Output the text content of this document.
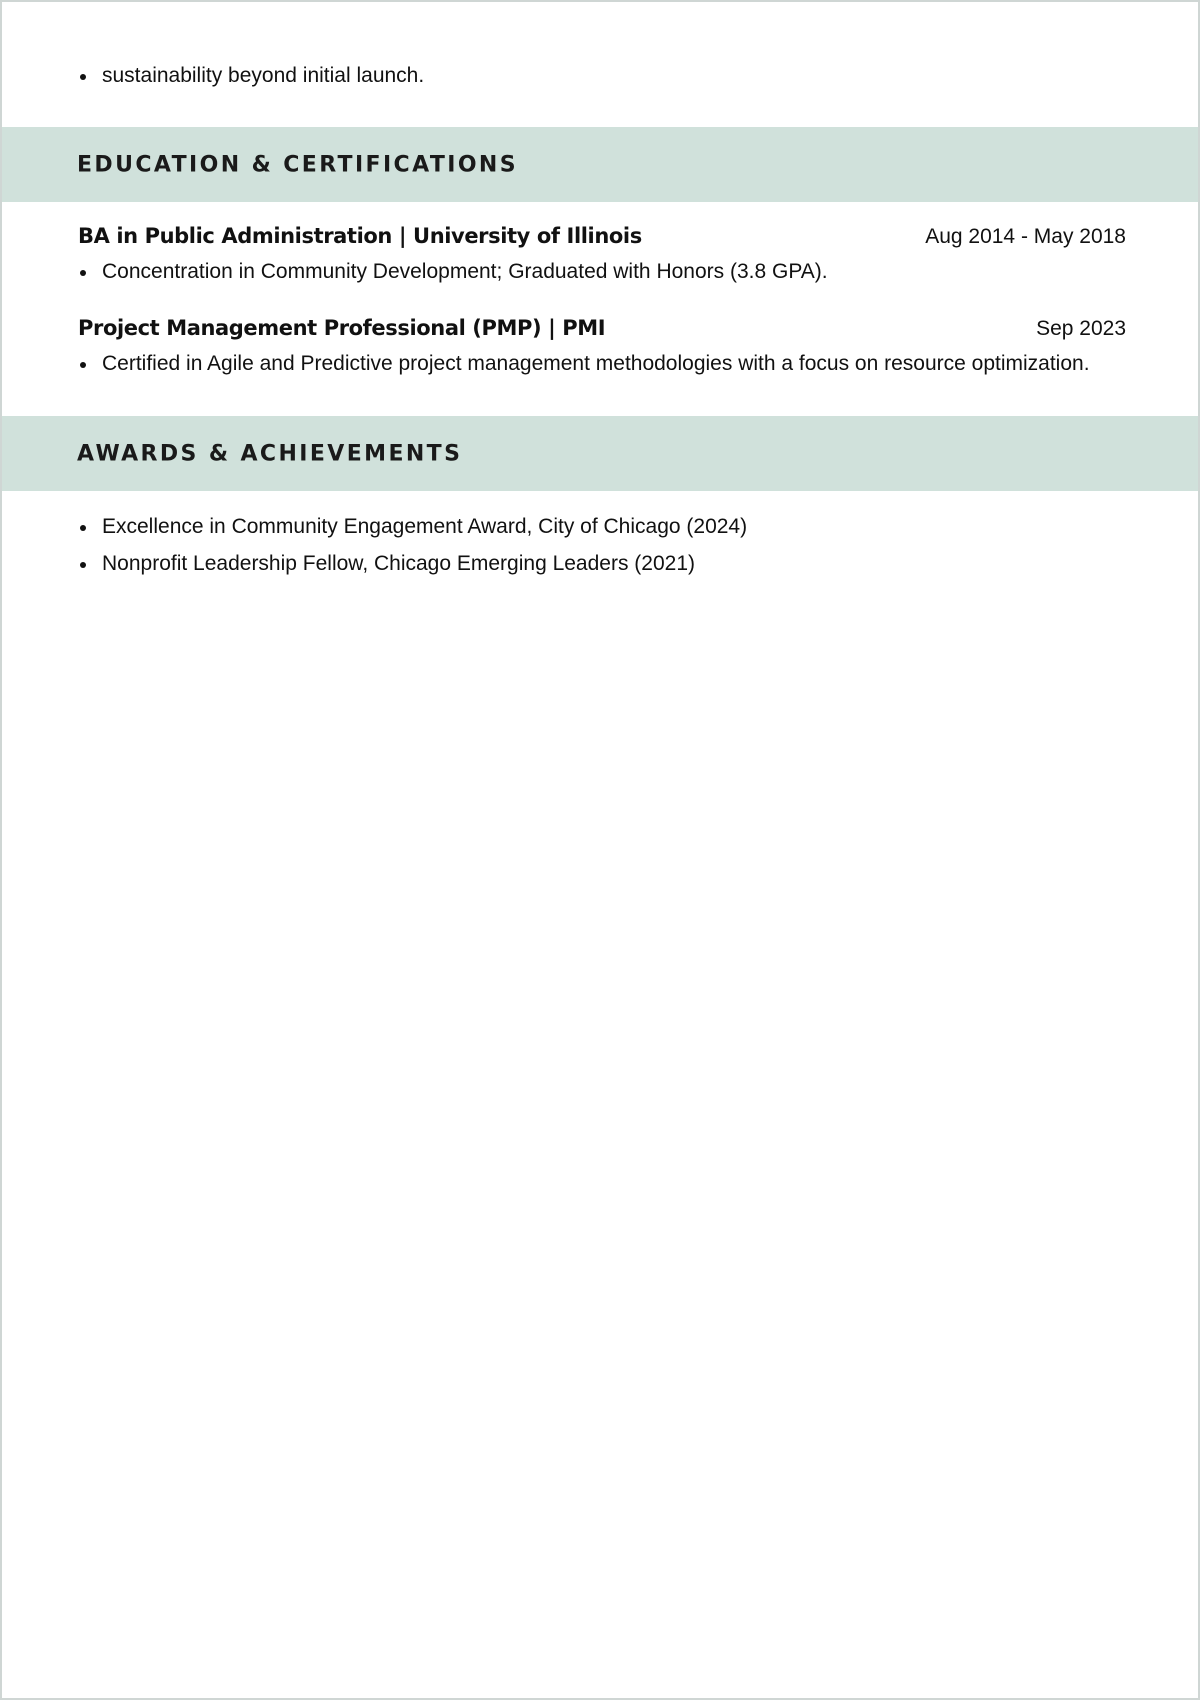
sustainability beyond initial launch.
EDUCATION & CERTIFICATIONS
BA in Public Administration | University of Illinois	Aug 2014 - May 2018
Concentration in Community Development; Graduated with Honors (3.8 GPA).
Project Management Professional (PMP) | PMI	Sep 2023
Certified in Agile and Predictive project management methodologies with a focus on resource optimization.
AWARDS & ACHIEVEMENTS
Excellence in Community Engagement Award, City of Chicago (2024)
Nonprofit Leadership Fellow, Chicago Emerging Leaders (2021)
